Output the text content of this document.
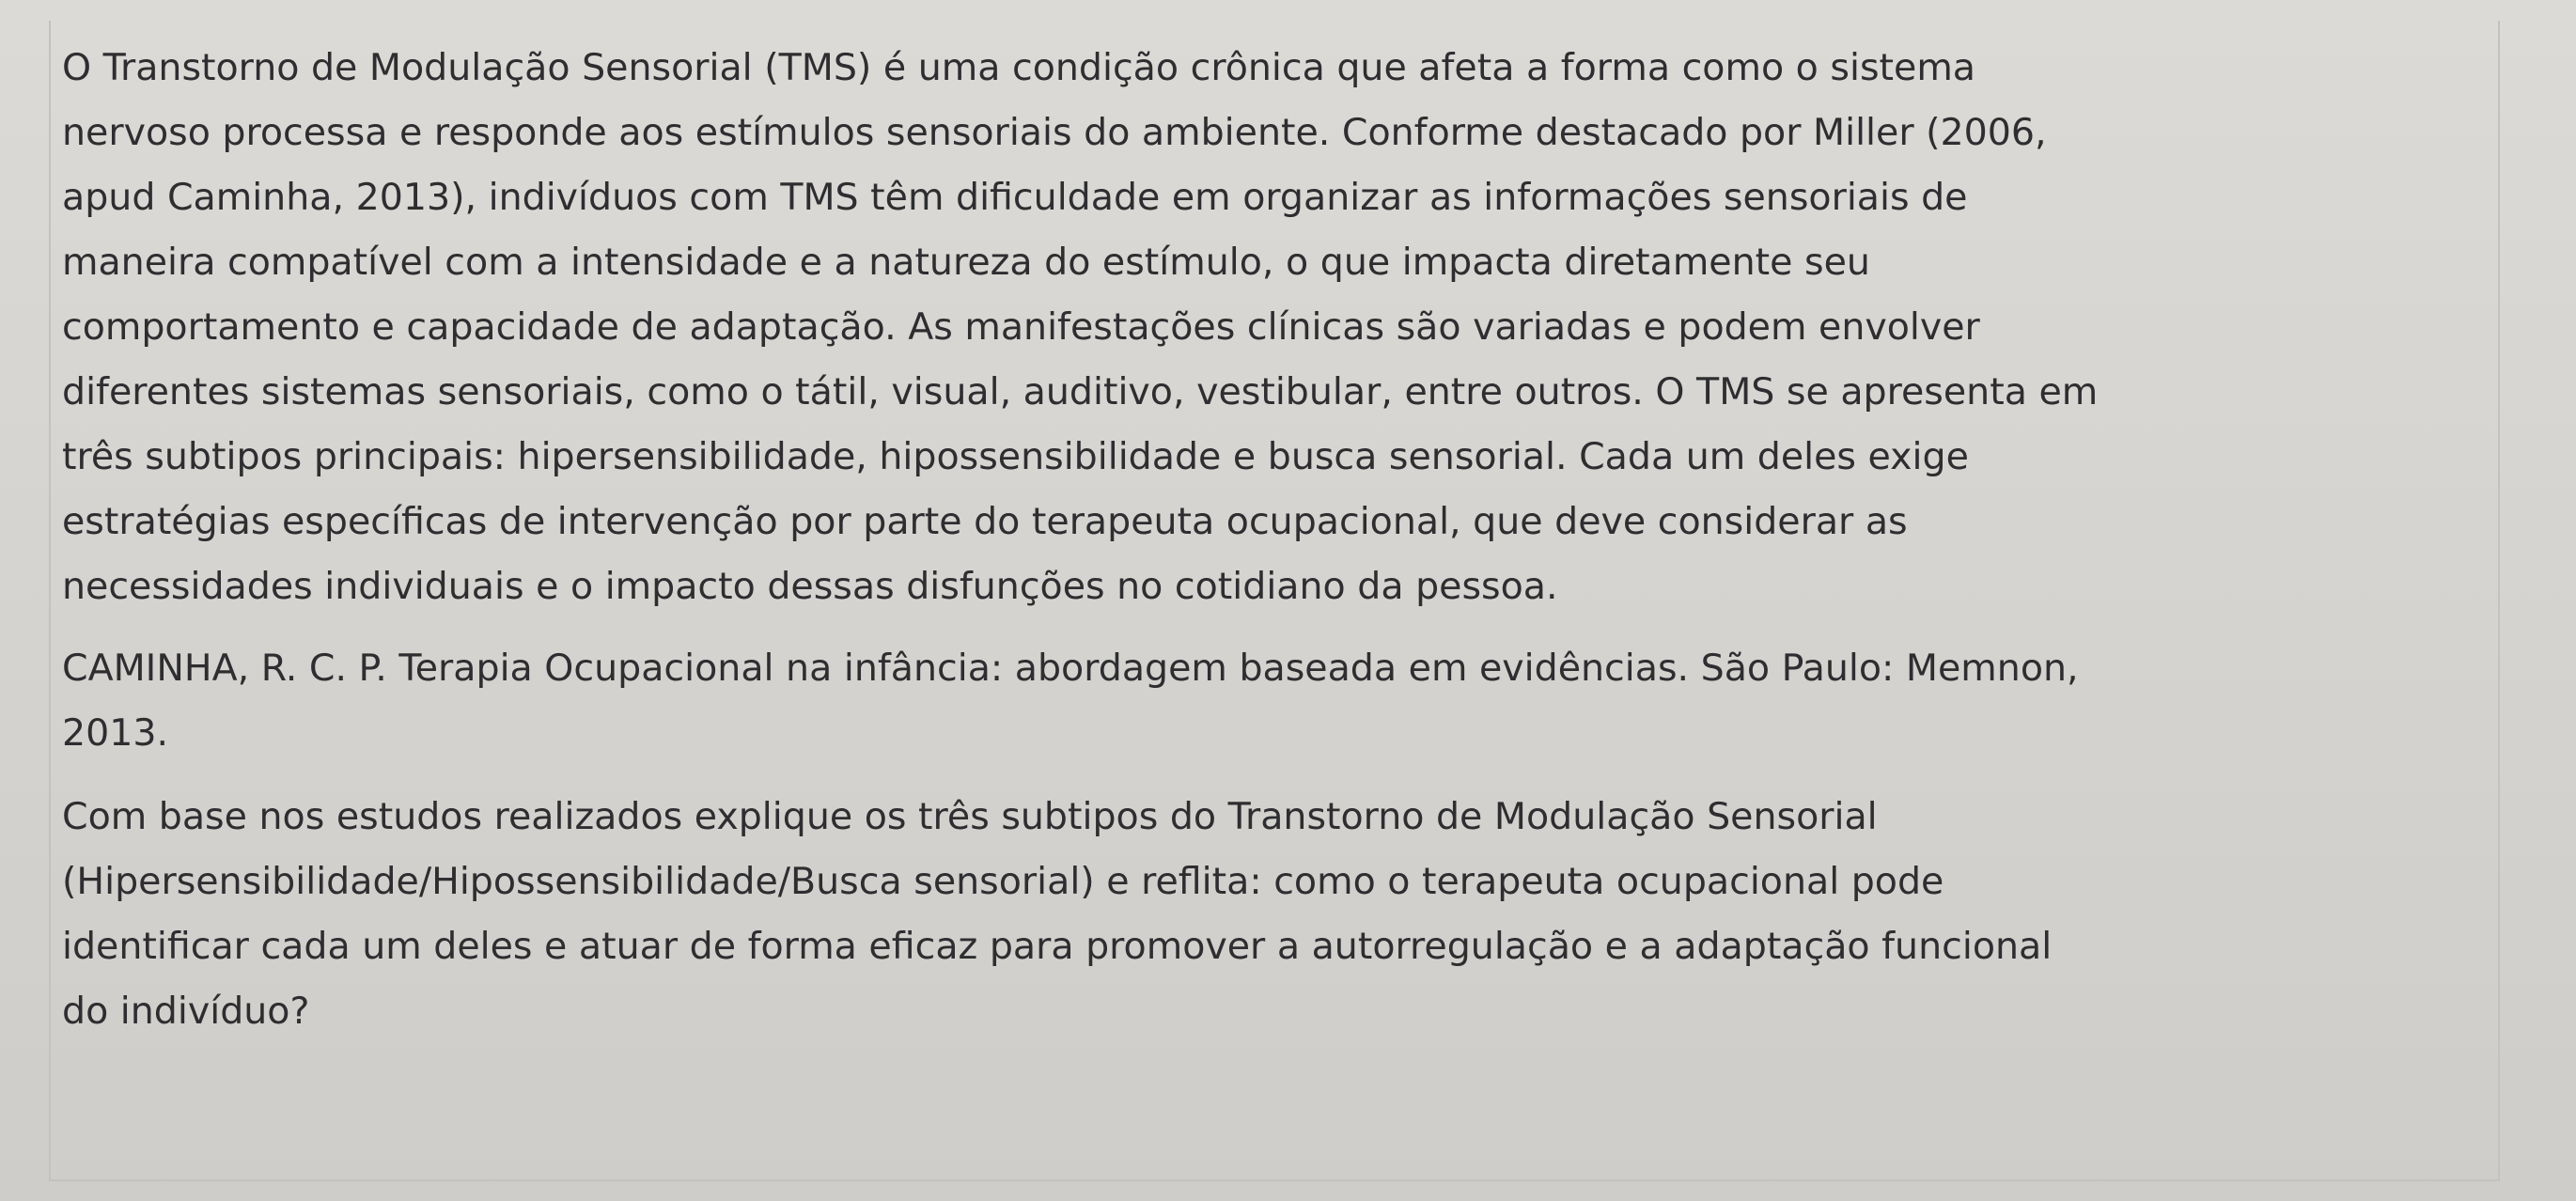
O Transtorno de Modulação Sensorial (TMS) é uma condição crônica que afeta a forma como o sistema
nervoso processa e responde aos estímulos sensoriais do ambiente. Conforme destacado por Miller (2006,
apud Caminha, 2013), indivíduos com TMS têm dificuldade em organizar as informações sensoriais de
maneira compatível com a intensidade e a natureza do estímulo, o que impacta diretamente seu
comportamento e capacidade de adaptação. As manifestações clínicas são variadas e podem envolver
diferentes sistemas sensoriais, como o tátil, visual, auditivo, vestibular, entre outros. O TMS se apresenta em
três subtipos principais: hipersensibilidade, hipossensibilidade e busca sensorial. Cada um deles exige
estratégias específicas de intervenção por parte do terapeuta ocupacional, que deve considerar as
necessidades individuais e o impacto dessas disfunções no cotidiano da pessoa.
CAMINHA, R. C. P. Terapia Ocupacional na infância: abordagem baseada em evidências. São Paulo: Memnon,
2013.
Com base nos estudos realizados explique os três subtipos do Transtorno de Modulação Sensorial
(Hipersensibilidade/Hipossensibilidade/Busca sensorial) e reflita: como o terapeuta ocupacional pode
identificar cada um deles e atuar de forma eficaz para promover a autorregulação e a adaptação funcional
do indivíduo?
